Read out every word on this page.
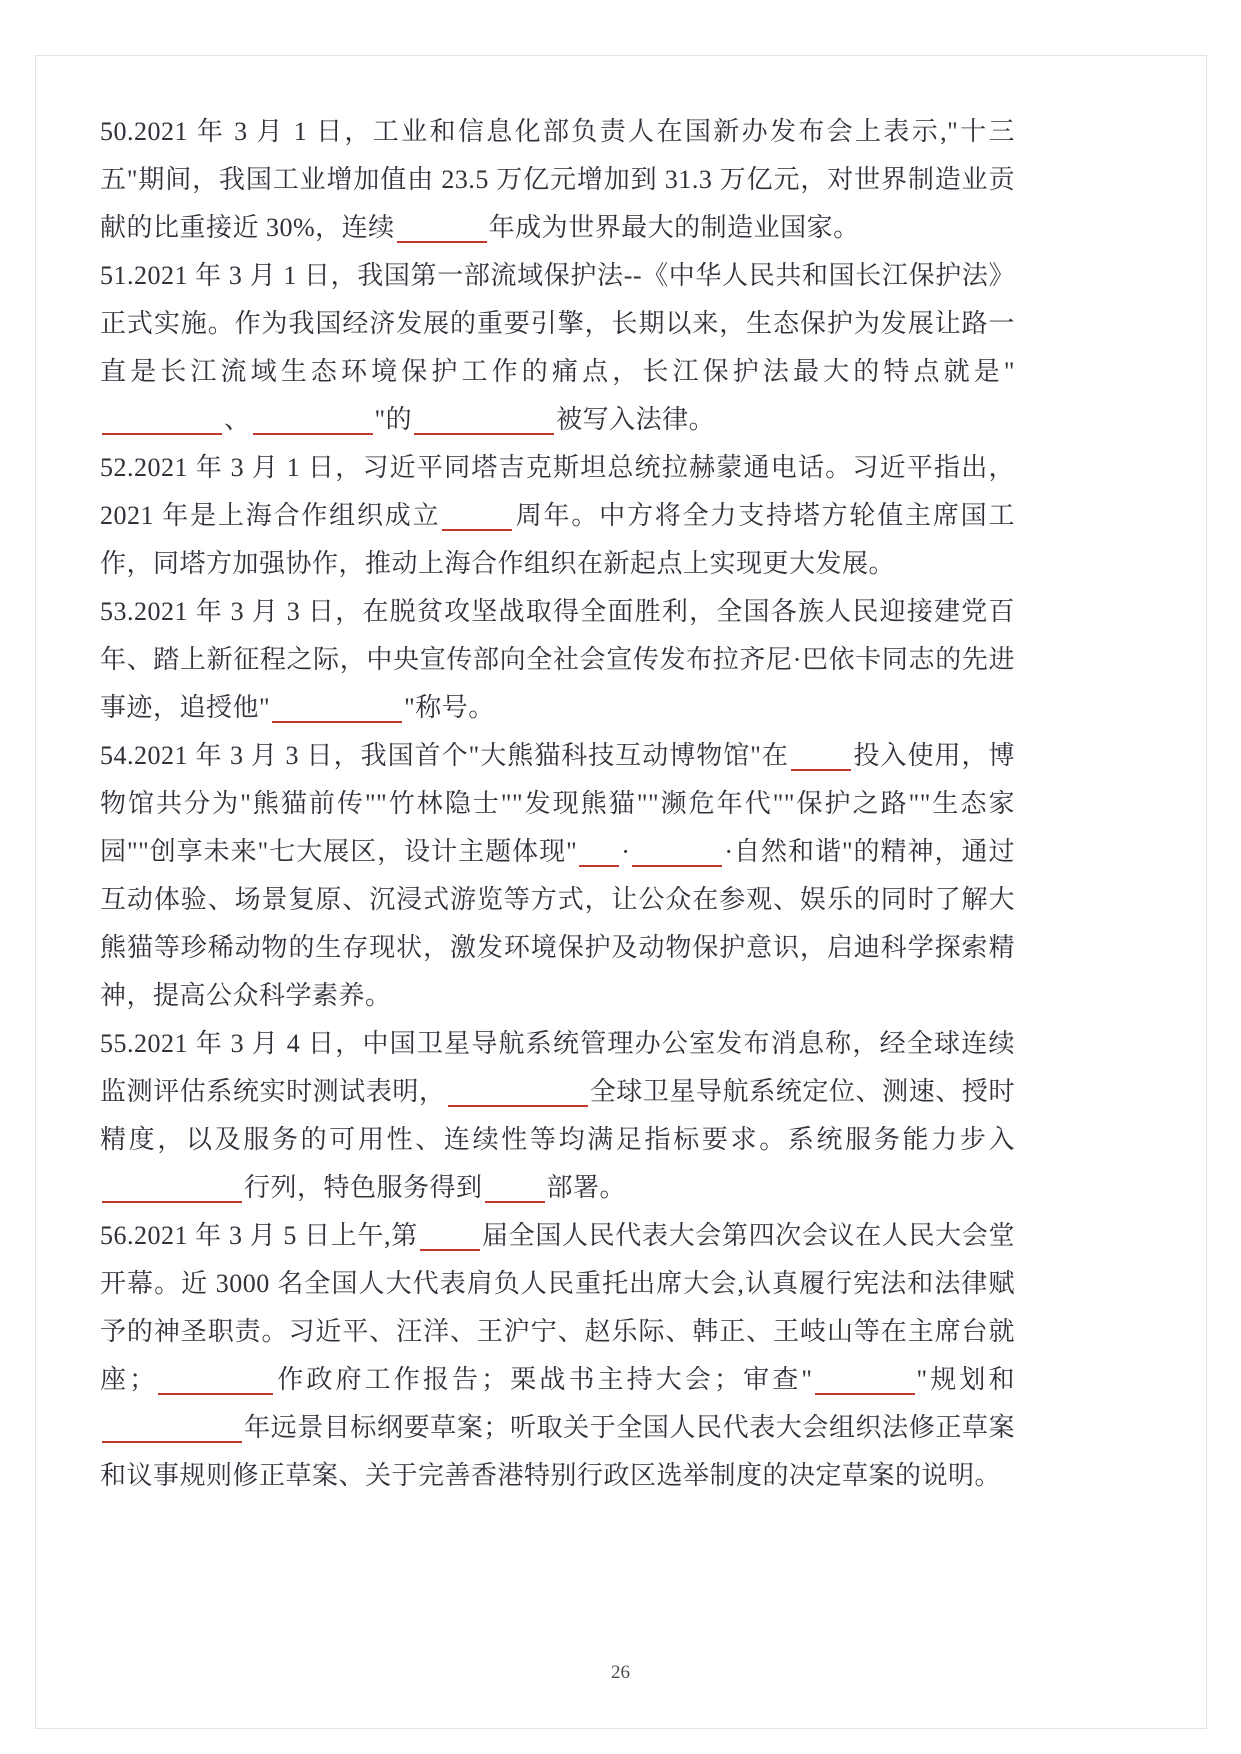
50.2021 年 3 月 1 日，工业和信息化部负责人在国新办发布会上表示,"十三五"期间，我国工业增加值由 23.5 万亿元增加到 31.3 万亿元，对世界制造业贡献的比重接近 30%，连续	年成为世界最大的制造业国家。

51.2021 年 3 月 1 日，我国第一部流域保护法--《中华人民共和国长江保护法》正式实施。作为我国经济发展的重要引擎，长期以来，生态保护为发展让路一直是长江流域生态环境保护工作的痛点，长江保护法最大的特点就是"、	"的	被写入法律。

52.2021 年 3 月 1 日，习近平同塔吉克斯坦总统拉赫蒙通电话。习近平指出，2021 年是上海合作组织成立	周年。中方将全力支持塔方轮值主席国工作，同塔方加强协作，推动上海合作组织在新起点上实现更大发展。

53.2021 年 3 月 3 日，在脱贫攻坚战取得全面胜利，全国各族人民迎接建党百年、踏上新征程之际，中央宣传部向全社会宣传发布拉齐尼·巴依卡同志的先进事迹，追授他"	"称号。

54.2021 年 3 月 3 日，我国首个"大熊猫科技互动博物馆"在 投入使用，博物馆共分为"熊猫前传""竹林隐士""发现熊猫""濒危年代""保护之路""生态家园""创享未来"七大展区，设计主题体现" ·	·自然和谐"的精神，通过互动体验、场景复原、沉浸式游览等方式，让公众在参观、娱乐的同时了解大熊猫等珍稀动物的生存现状，激发环境保护及动物保护意识，启迪科学探索精神，提高公众科学素养。

55.2021 年 3 月 4 日，中国卫星导航系统管理办公室发布消息称，经全球连续监测评估系统实时测试表明，	全球卫星导航系统定位、测速、授时精度，以及服务的可用性、连续性等均满足指标要求。系统服务能力步入行列，特色服务得到 部署。

56.2021 年 3 月 5 日上午,第 届全国人民代表大会第四次会议在人民大会堂开幕。近 3000 名全国人大代表肩负人民重托出席大会,认真履行宪法和法律赋予的神圣职责。习近平、汪洋、王沪宁、赵乐际、韩正、王岐山等在主席台就座；	作政府工作报告；栗战书主持大会；审查"	"规划和年远景目标纲要草案；听取关于全国人民代表大会组织法修正草案和议事规则修正草案、关于完善香港特别行政区选举制度的决定草案的说明。

26
